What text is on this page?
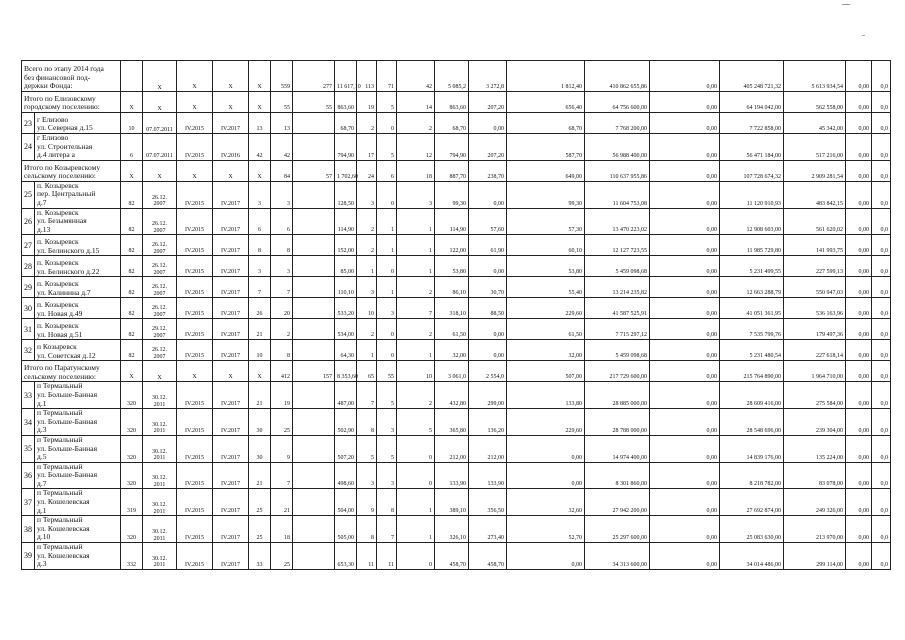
Всего по этапу 2014 года
без финансовой под-
держки Фонда:			X	X	X	X	559	277	11 617,10	113	71	42	5 085,2	3 272,8	1 812,40	410 862 655,86	0,00	405 248 721,32	5 613 934,54	0,00	0,0
Итого по Елизовскому
городскому поселению:		X	X	X	X	X	55	55	863,60	19	5	14	863,60	207,20	656,40	64 756 600,00	0,00	64 194 042,00	562 558,00	0,00	0,0
23	г Елизово
ул. Северная д.15	10	07.07.2011	IV.2015	IV.2017	13	13		68,70	2	0	2	68,70	0,00	68,70	7 768 200,00	0,00	7 722 858,00	45 342,00	0,00	0,0
24	г Елизово
ул. Строительная
д.4 литера а	6	07.07.2011	IV.2015	IV.2016	42	42		794,90	17	5	12	794,90	207,20	587,70	56 988 400,00	0,00	56 471 184,00	517 216,00	0,00	0,0
Итого по Козыревскому
сельскому поселению:		X	X	X	X	X	84	57	1 702,60	24	6	18	887,70	238,70	649,00	110 637 955,86	0,00	107 728 674,32	2 909 281,54	0,00	0,0
25	п. Козыревск
пер. Центральный
д.7	82	26.12.
2007	IV.2015	IV.2017	3	3		128,50	3	0	3	99,30	0,00	99,30	11 604 753,08	0,00	11 120 910,93	483 842,15	0,00	0,0
26	п. Козыревск
ул. Безымянная
д.13	82	26.12.
2007	IV.2015	IV.2017	6	6		114,90	2	1	1	114,90	57,60	57,30	13 470 223,02	0,00	12 908 603,00	561 620,02	0,00	0,0
27	п. Козыревск
ул. Белинского д.15	82	26.12.
2007	IV.2015	IV.2017	8	8		152,00	2	1	1	122,00	61,90	60,10	12 127 723,55	0,00	11 985 729,80	141 993,75	0,00	0,0
28	п. Козыревск
ул. Белинского д.22	82	26.12.
2007	IV.2015	IV.2017	3	3		85,00	1	0	1	53,80	0,00	53,80	5 459 098,68	0,00	5 231 499,55	227 599,13	0,00	0,0
29	п. Козыревск
ул. Калинина д.7	82	26.12.
2007	IV.2015	IV.2017	7	7		110,10	3	1	2	86,10	30,70	55,40	13 214 235,82	0,00	12 663 288,79	550 947,03	0,00	0,0
30	п. Козыревск
ул. Новая д.49	82	26.12.
2007	IV.2015	IV.2017	26	20		533,20	10	3	7	318,10	88,50	229,60	41 587 525,91	0,00	41 051 361,95	536 163,96	0,00	0,0
31	п. Козыревск
ул. Новая д.51	82	29.12.
2007	IV.2015	IV.2017	21	2		534,00	2	0	2	61,50	0,00	61,50	7 715 297,12	0,00	7 535 799,76	179 497,36	0,00	0,0
32	п Козыревск
ул. Советская д.12	82	26.12.
2007	IV.2015	IV.2017	10	8		64,30	1	0	1	32,00	0,00	32,00	5 459 098,68	0,00	5 231 480,54	227 618,14	0,00	0,0
Итого по Паратунскому
сельскому поселению:		X	X	X	X	X	412	157	8 353,60	65	55	10	3 061,0	2 554,0	507,00	217 729 600,00	0,00	215 764 890,00	1 964 710,00	0,00	0,0
33	п Термальный
ул. Больше-Банная
д.1	320	30.12.
2011	IV.2015	IV.2017	21	19		487,00	7	5	2	432,80	299,00	133,80	28 885 000,00	0,00	28 609 416,00	275 584,00	0,00	0,0
34	п Термальный
ул. Больше-Банная
д.3	320	30.12.
2011	IV.2015	IV.2017	30	25		502,90	8	3	5	365,80	136,20	229,60	28 788 000,00	0,00	28 548 696,00	239 304,00	0,00	0,0
35	п Термальный
ул. Больше-Банная
д.5	320	30.12.
2011	IV.2015	IV.2017	30	9		507,20	5	5	0	212,00	212,00	0,00	14 974 400,00	0,00	14 839 176,00	135 224,00	0,00	0,0
36	п Термальный
ул. Больше-Банная
д.7	320	30.12.
2011	IV.2015	IV.2017	21	7		498,60	3	3	0	133,90	133,90	0,00	8 301 860,00	0,00	8 218 782,00	83 078,00	0,00	0,0
37	п Термальный
ул. Кошелевская
д.1	319	30.12.
2011	IV.2015	IV.2017	25	21		504,00	9	8	1	389,10	356,50	32,60	27 942 200,00	0,00	27 692 874,00	249 326,00	0,00	0,0
38	п Термальный
ул. Кошелевская
д.10	320	30.12.
2011	IV.2015	IV.2017	25	18		505,00	8	7	1	326,10	273,40	52,70	25 297 600,00	0,00	25 083 630,00	213 970,00	0,00	0,0
39	п Термальный
ул. Кошелевская
д.3	332	30.12.
2011	IV.2015	IV.2017	33	25		653,30	11	11	0	458,70	458,70	0,00	34 313 600,00	0,00	34 014 486,00	299 114,00	0,00	0,0
